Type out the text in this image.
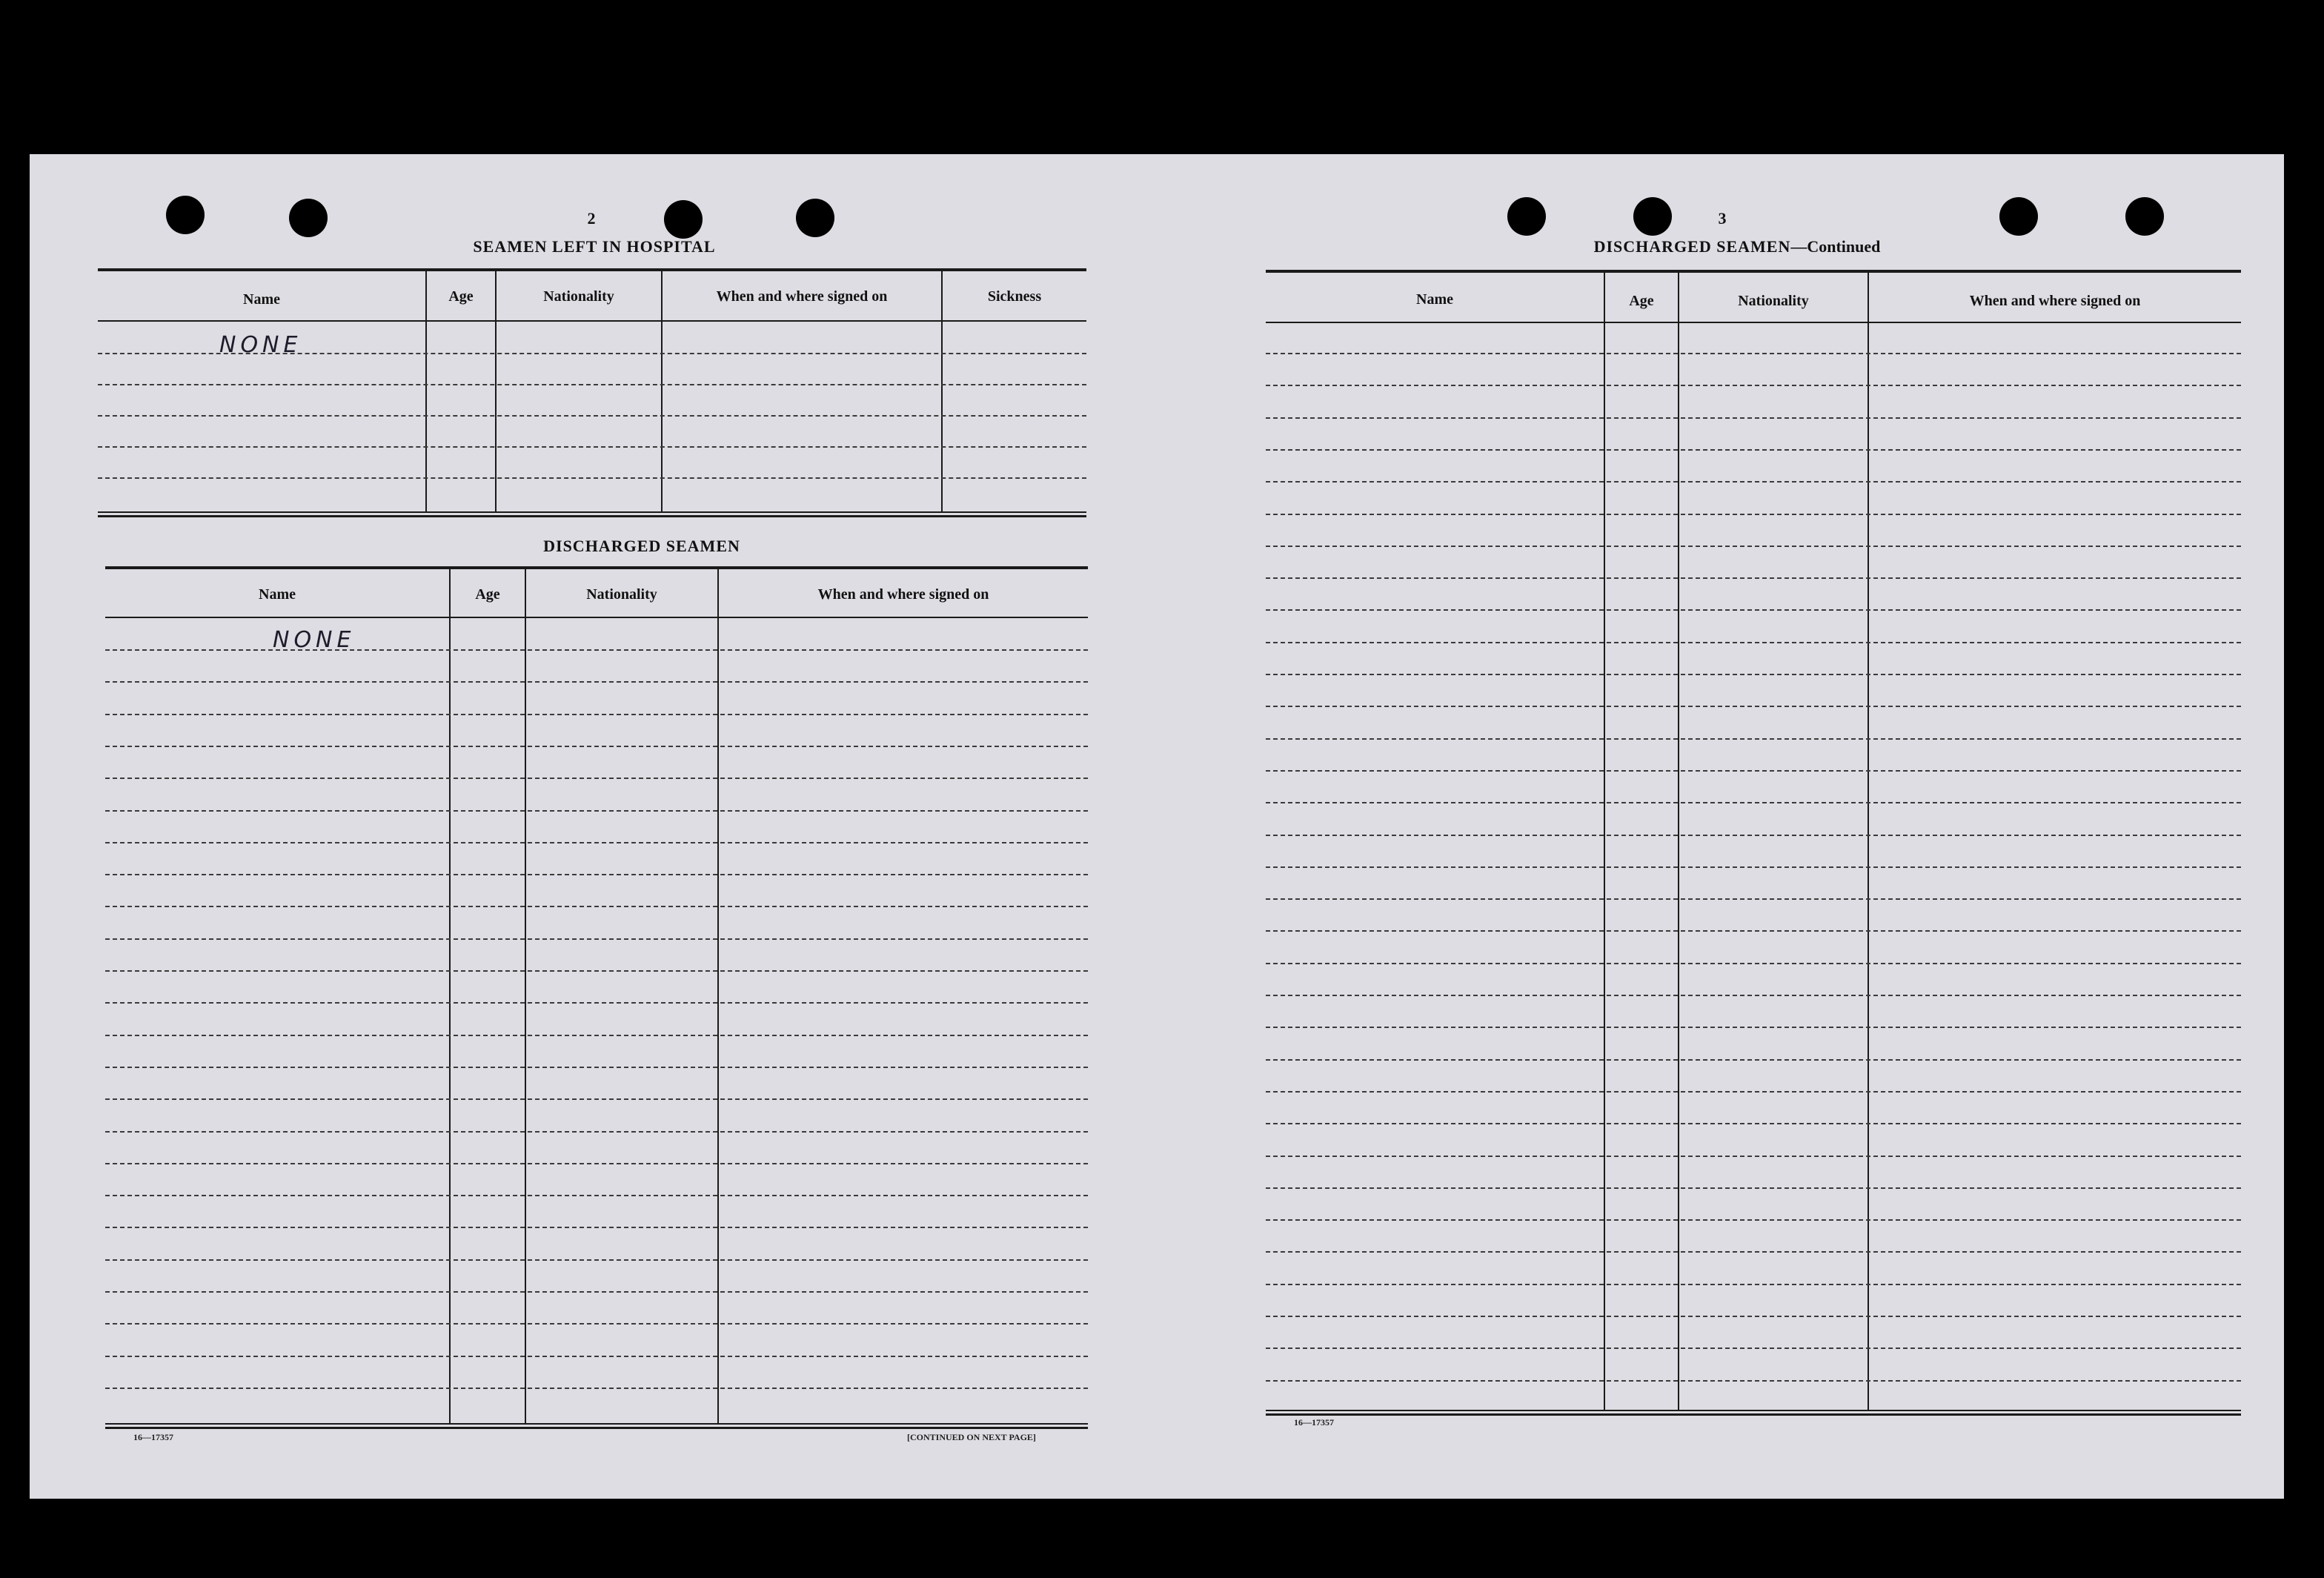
2
SEAMEN LEFT IN HOSPITAL
Name	Age	Nationality	When and where signed on	Sickness
NONE
DISCHARGED SEAMEN
Name	Age	Nationality	When and where signed on
NONE
16—17357	[CONTINUED ON NEXT PAGE]
3
DISCHARGED SEAMEN—Continued
Name	Age	Nationality	When and where signed on
16—17357
